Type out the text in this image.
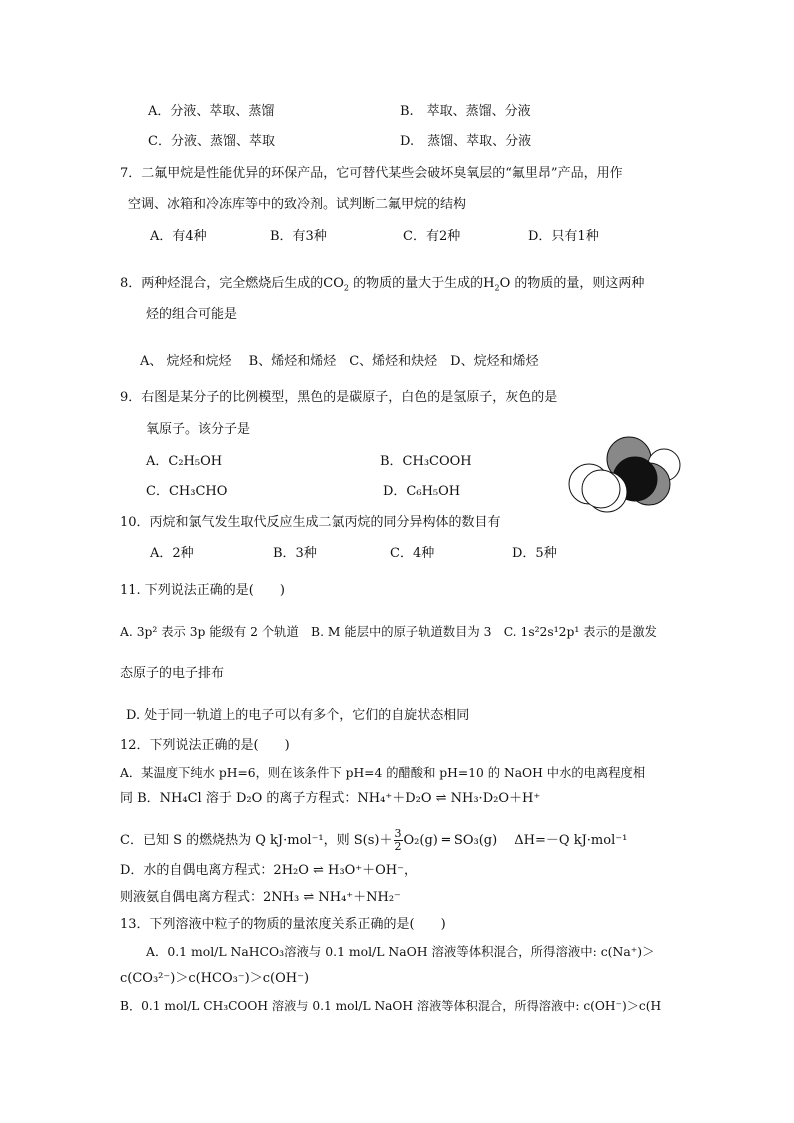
A．分液、萃取、蒸馏	B.　萃取、蒸馏、分液
C．分液、蒸馏、萃取	D.　蒸馏、萃取、分液
7．二氟甲烷是性能优异的环保产品，它可替代某些会破坏臭氧层的“氟里昂”产品，用作
空调、冰箱和冷冻库等中的致冷剂。试判断二氟甲烷的结构
A．有4种	B．有3种	C．有2种	D．只有1种
8．两种烃混合，完全燃烧后生成的$CO_2$ 的物质的量大于生成的$H_2O$ 的物质的量，则这两种
烃的组合可能是
A、 烷烃和烷烃　 B、烯烃和烯烃　C、烯烃和炔烃　D、烷烃和烯烃
9．右图是某分子的比例模型，黑色的是碳原子，白色的是氢原子，灰色的是
氧原子。该分子是
A．C₂H₅OH	B．CH₃COOH
C．CH₃CHO	D．C₆H₅OH
10．丙烷和氯气发生取代反应生成二氯丙烷的同分异构体的数目有
A．2种	B．3种	C．4种	D．5种
11. 下列说法正确的是(　　)
A. 3p² 表示 3p 能级有 2 个轨道　B. M 能层中的原子轨道数目为 3　C. 1s²2s¹2p¹ 表示的是激发
态原子的电子排布
D. 处于同一轨道上的电子可以有多个，它们的自旋状态相同
12．下列说法正确的是(　　)
A．某温度下纯水 pH=6，则在该条件下 pH=4 的醋酸和 pH=10 的 NaOH 中水的电离程度相
同 B．NH₄Cl 溶于 D₂O 的离子方程式：NH₄⁺＋D₂O ⇌ NH₃·D₂O＋H⁺
C．已知 S 的燃烧热为 Q kJ·mol⁻¹，则 $S(s)+ \frac{3}{2} O_2(g)$ ═ SO₃(g)　 ΔH=－Q kJ·mol⁻¹
D．水的自偶电离方程式：2H₂O ⇌ H₃O⁺＋OH⁻，
则液氨自偶电离方程式：2NH₃ ⇌ NH₄⁺＋NH₂⁻
13．下列溶液中粒子的物质的量浓度关系正确的是(　　)
A．0.1 mol/L NaHCO₃溶液与 0.1 mol/L NaOH 溶液等体积混合，所得溶液中: c(Na⁺)＞
c(CO₃²⁻)＞c(HCO₃⁻)＞c(OH⁻)
B．0.1 mol/L CH₃COOH 溶液与 0.1 mol/L NaOH 溶液等体积混合，所得溶液中: c(OH⁻)＞c(H
